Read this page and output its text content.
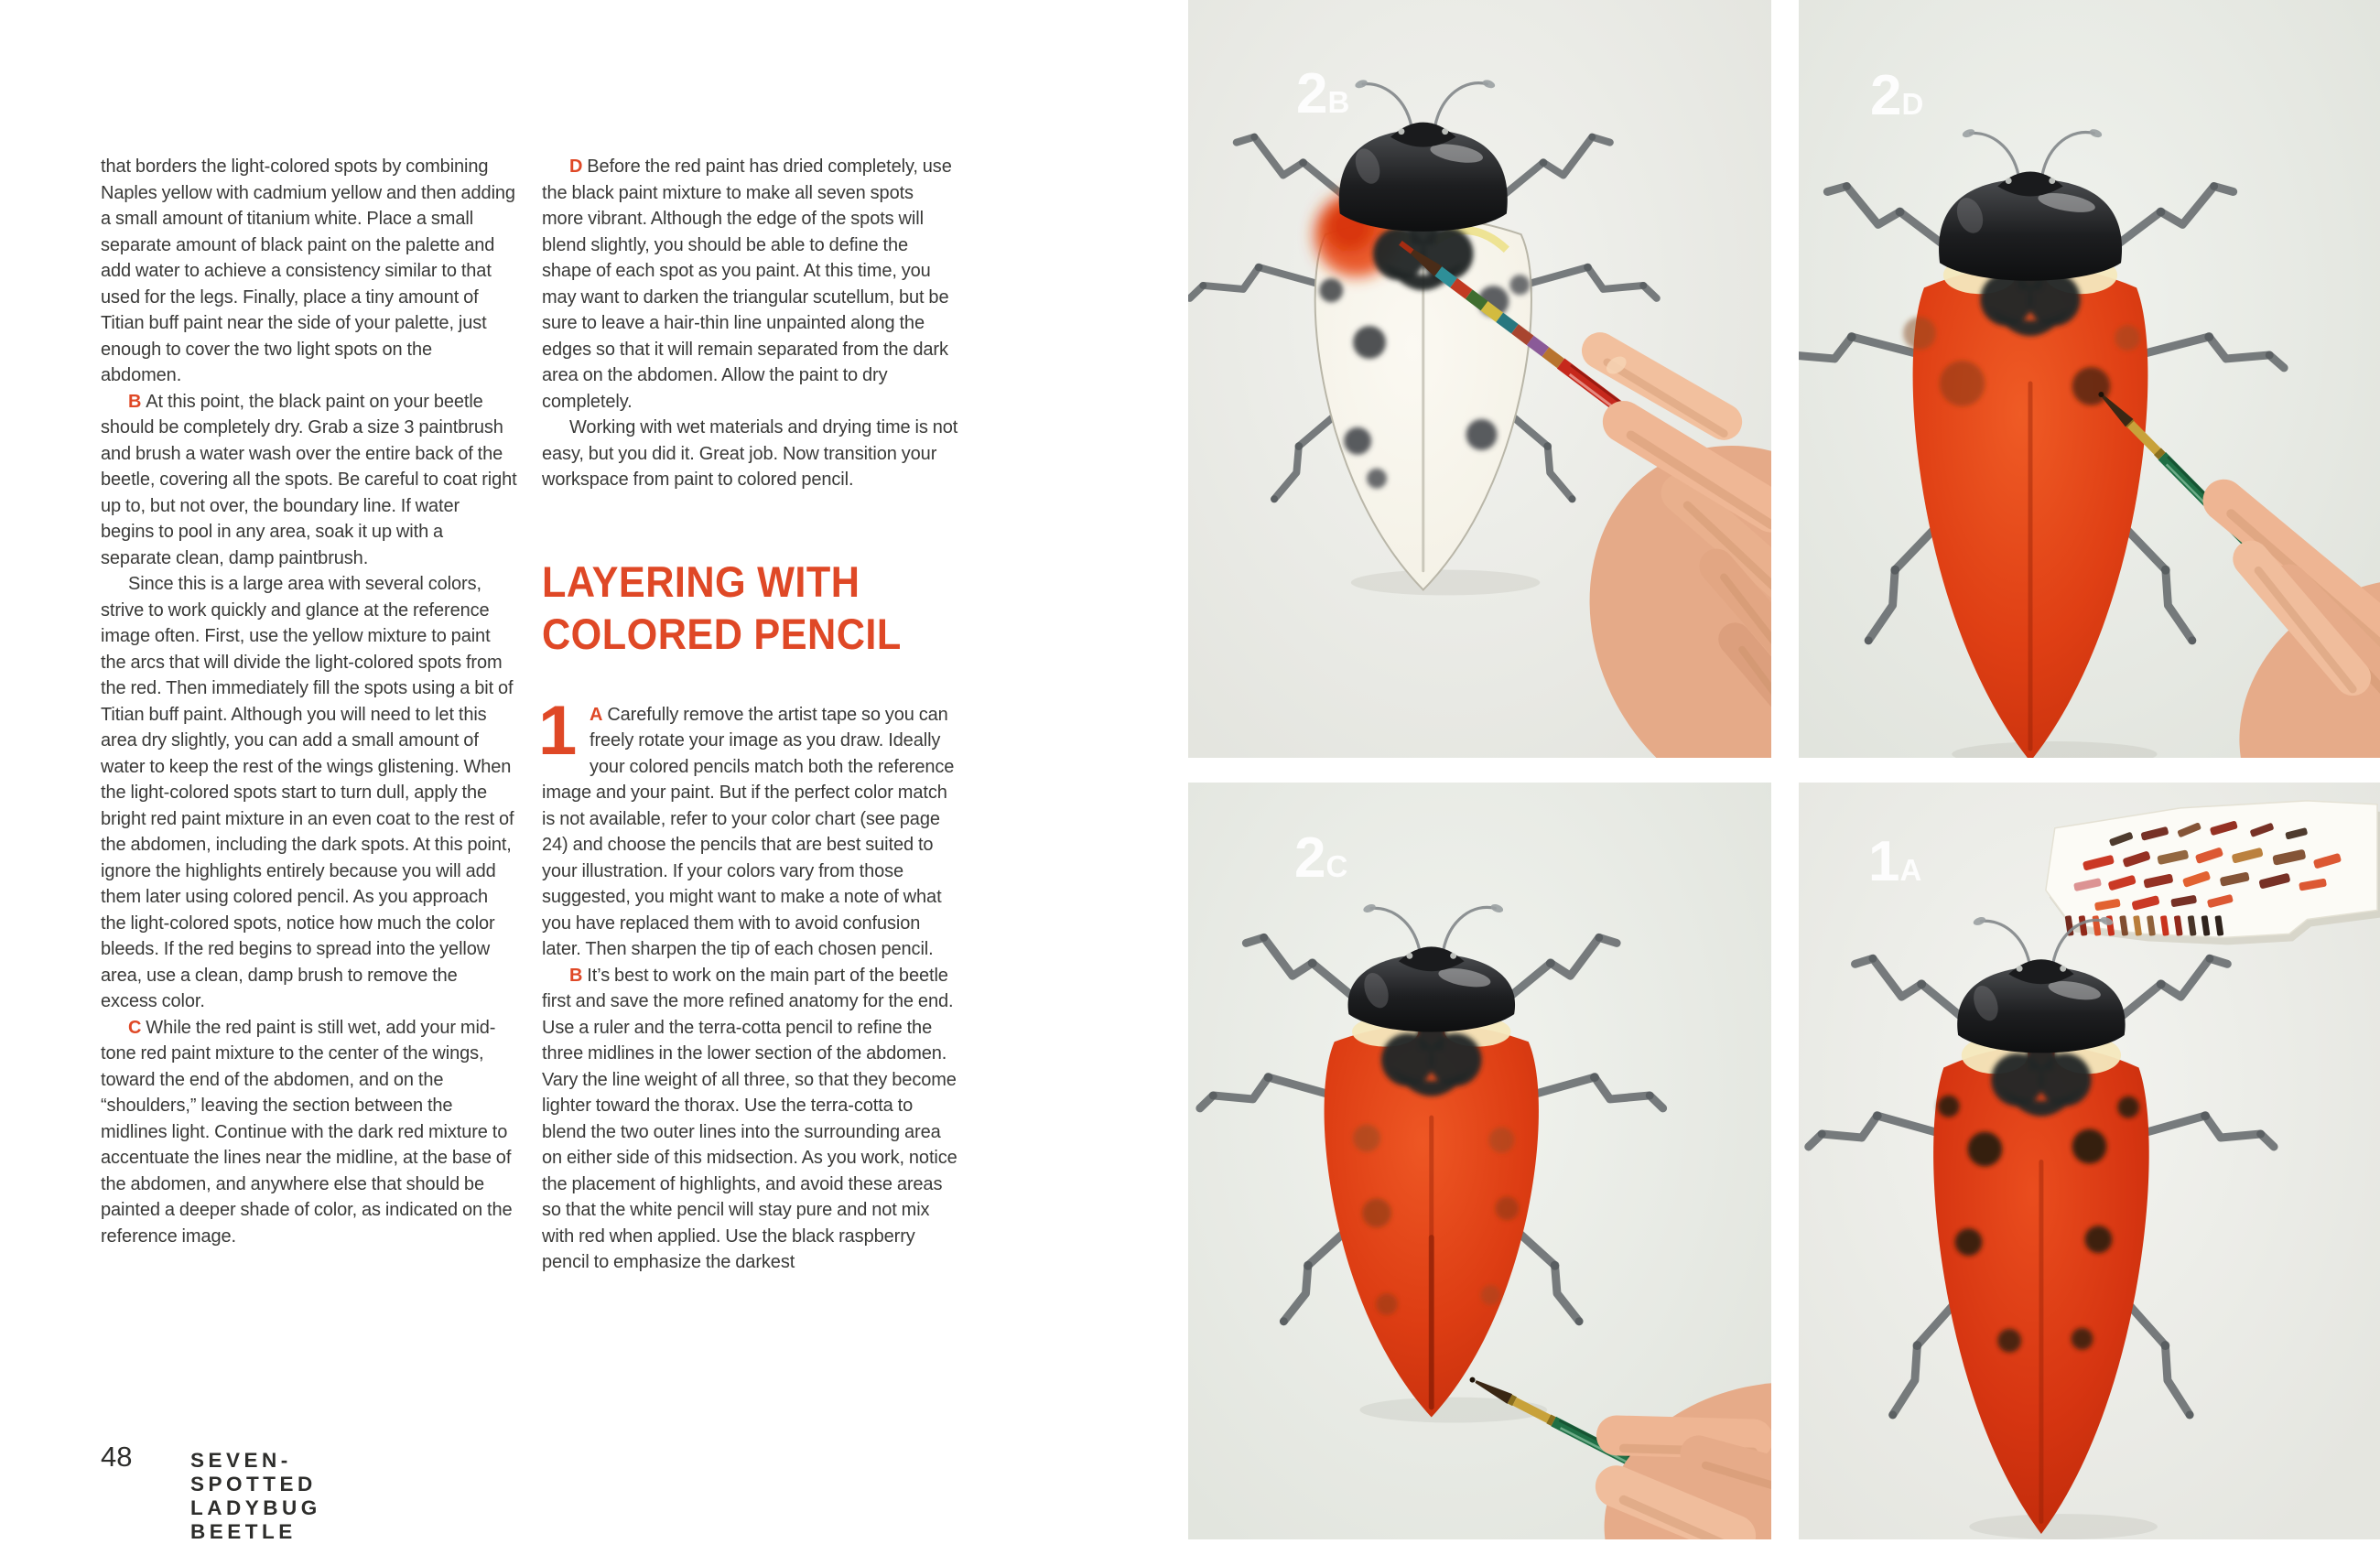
that borders the light-colored spots by combining Naples yellow with cadmium yellow and then adding a small amount of titanium white. Place a small separate amount of black paint on the palette and add water to achieve a consistency similar to that used for the legs. Finally, place a tiny amount of Titian buff paint near the side of your palette, just enough to cover the two light spots on the abdomen.

B At this point, the black paint on your beetle should be completely dry. Grab a size 3 paintbrush and brush a water wash over the entire back of the beetle, covering all the spots. Be careful to coat right up to, but not over, the boundary line. If water begins to pool in any area, soak it up with a separate clean, damp paintbrush.

Since this is a large area with several colors, strive to work quickly and glance at the reference image often. First, use the yellow mixture to paint the arcs that will divide the light-colored spots from the red. Then immediately fill the spots using a bit of Titian buff paint. Although you will need to let this area dry slightly, you can add a small amount of water to keep the rest of the wings glistening. When the light-colored spots start to turn dull, apply the bright red paint mixture in an even coat to the rest of the abdomen, including the dark spots. At this point, ignore the highlights entirely because you will add them later using colored pencil. As you approach the light-colored spots, notice how much the color bleeds. If the red begins to spread into the yellow area, use a clean, damp brush to remove the excess color.

C While the red paint is still wet, add your mid-tone red paint mixture to the center of the wings, toward the end of the abdomen, and on the “shoulders,” leaving the section between the midlines light. Continue with the dark red mixture to accentuate the lines near the midline, at the base of the abdomen, and anywhere else that should be painted a deeper shade of color, as indicated on the reference image.

D Before the red paint has dried completely, use the black paint mixture to make all seven spots more vibrant. Although the edge of the spots will blend slightly, you should be able to define the shape of each spot as you paint. At this time, you may want to darken the triangular scutellum, but be sure to leave a hair-thin line unpainted along the edges so that it will remain separated from the dark area on the abdomen. Allow the paint to dry completely.

Working with wet materials and drying time is not easy, but you did it. Great job. Now transition your workspace from paint to colored pencil.

LAYERING WITH
COLORED PENCIL
1 A Carefully remove the artist tape so you can freely rotate your image as you draw. Ideally your colored pencils match both the reference image and your paint. But if the perfect color match is not available, refer to your color chart (see page 24) and choose the pencils that are best suited to your illustration. If your colors vary from those suggested, you might want to make a note of what you have replaced them with to avoid confusion later. Then sharpen the tip of each chosen pencil.

B It’s best to work on the main part of the beetle first and save the more refined anatomy for the end. Use a ruler and the terra-cotta pencil to refine the three midlines in the lower section of the abdomen. Vary the line weight of all three, so that they become lighter toward the thorax. Use the terra-cotta to blend the two outer lines into the surrounding area on either side of this midsection. As you work, notice the placement of highlights, and avoid these areas so that the white pencil will stay pure and not mix with red when applied. Use the black raspberry pencil to emphasize the darkest

48	SEVEN-SPOTTED LADYBUG BEETLE
2B	2D
2C	1A
